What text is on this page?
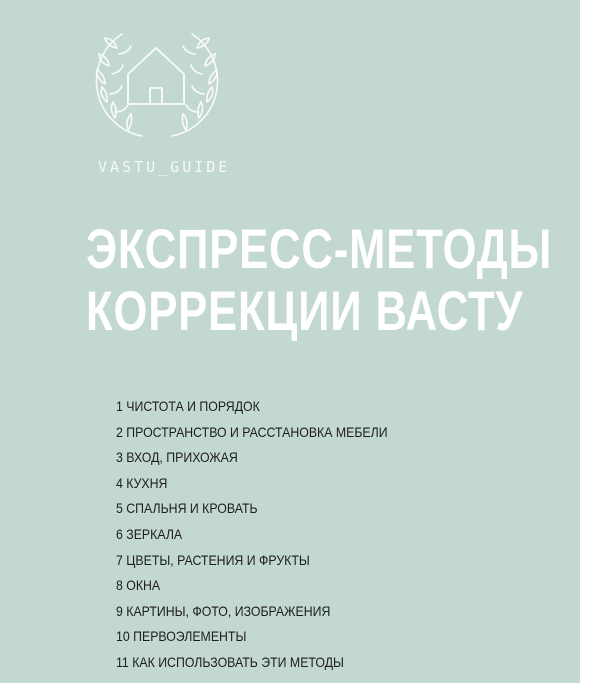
VASTU_GUIDE
ЭКСПРЕСС-МЕТОДЫ
КОРРЕКЦИИ ВАСТУ
1 ЧИСТОТА И ПОРЯДОК
2 ПРОСТРАНСТВО И РАССТАНОВКА МЕБЕЛИ
3 ВХОД, ПРИХОЖАЯ
4 КУХНЯ
5 СПАЛЬНЯ И КРОВАТЬ
6 ЗЕРКАЛА
7 ЦВЕТЫ, РАСТЕНИЯ И ФРУКТЫ
8 ОКНА
9 КАРТИНЫ, ФОТО, ИЗОБРАЖЕНИЯ
10 ПЕРВОЭЛЕМЕНТЫ
11 КАК ИСПОЛЬЗОВАТЬ ЭТИ МЕТОДЫ
